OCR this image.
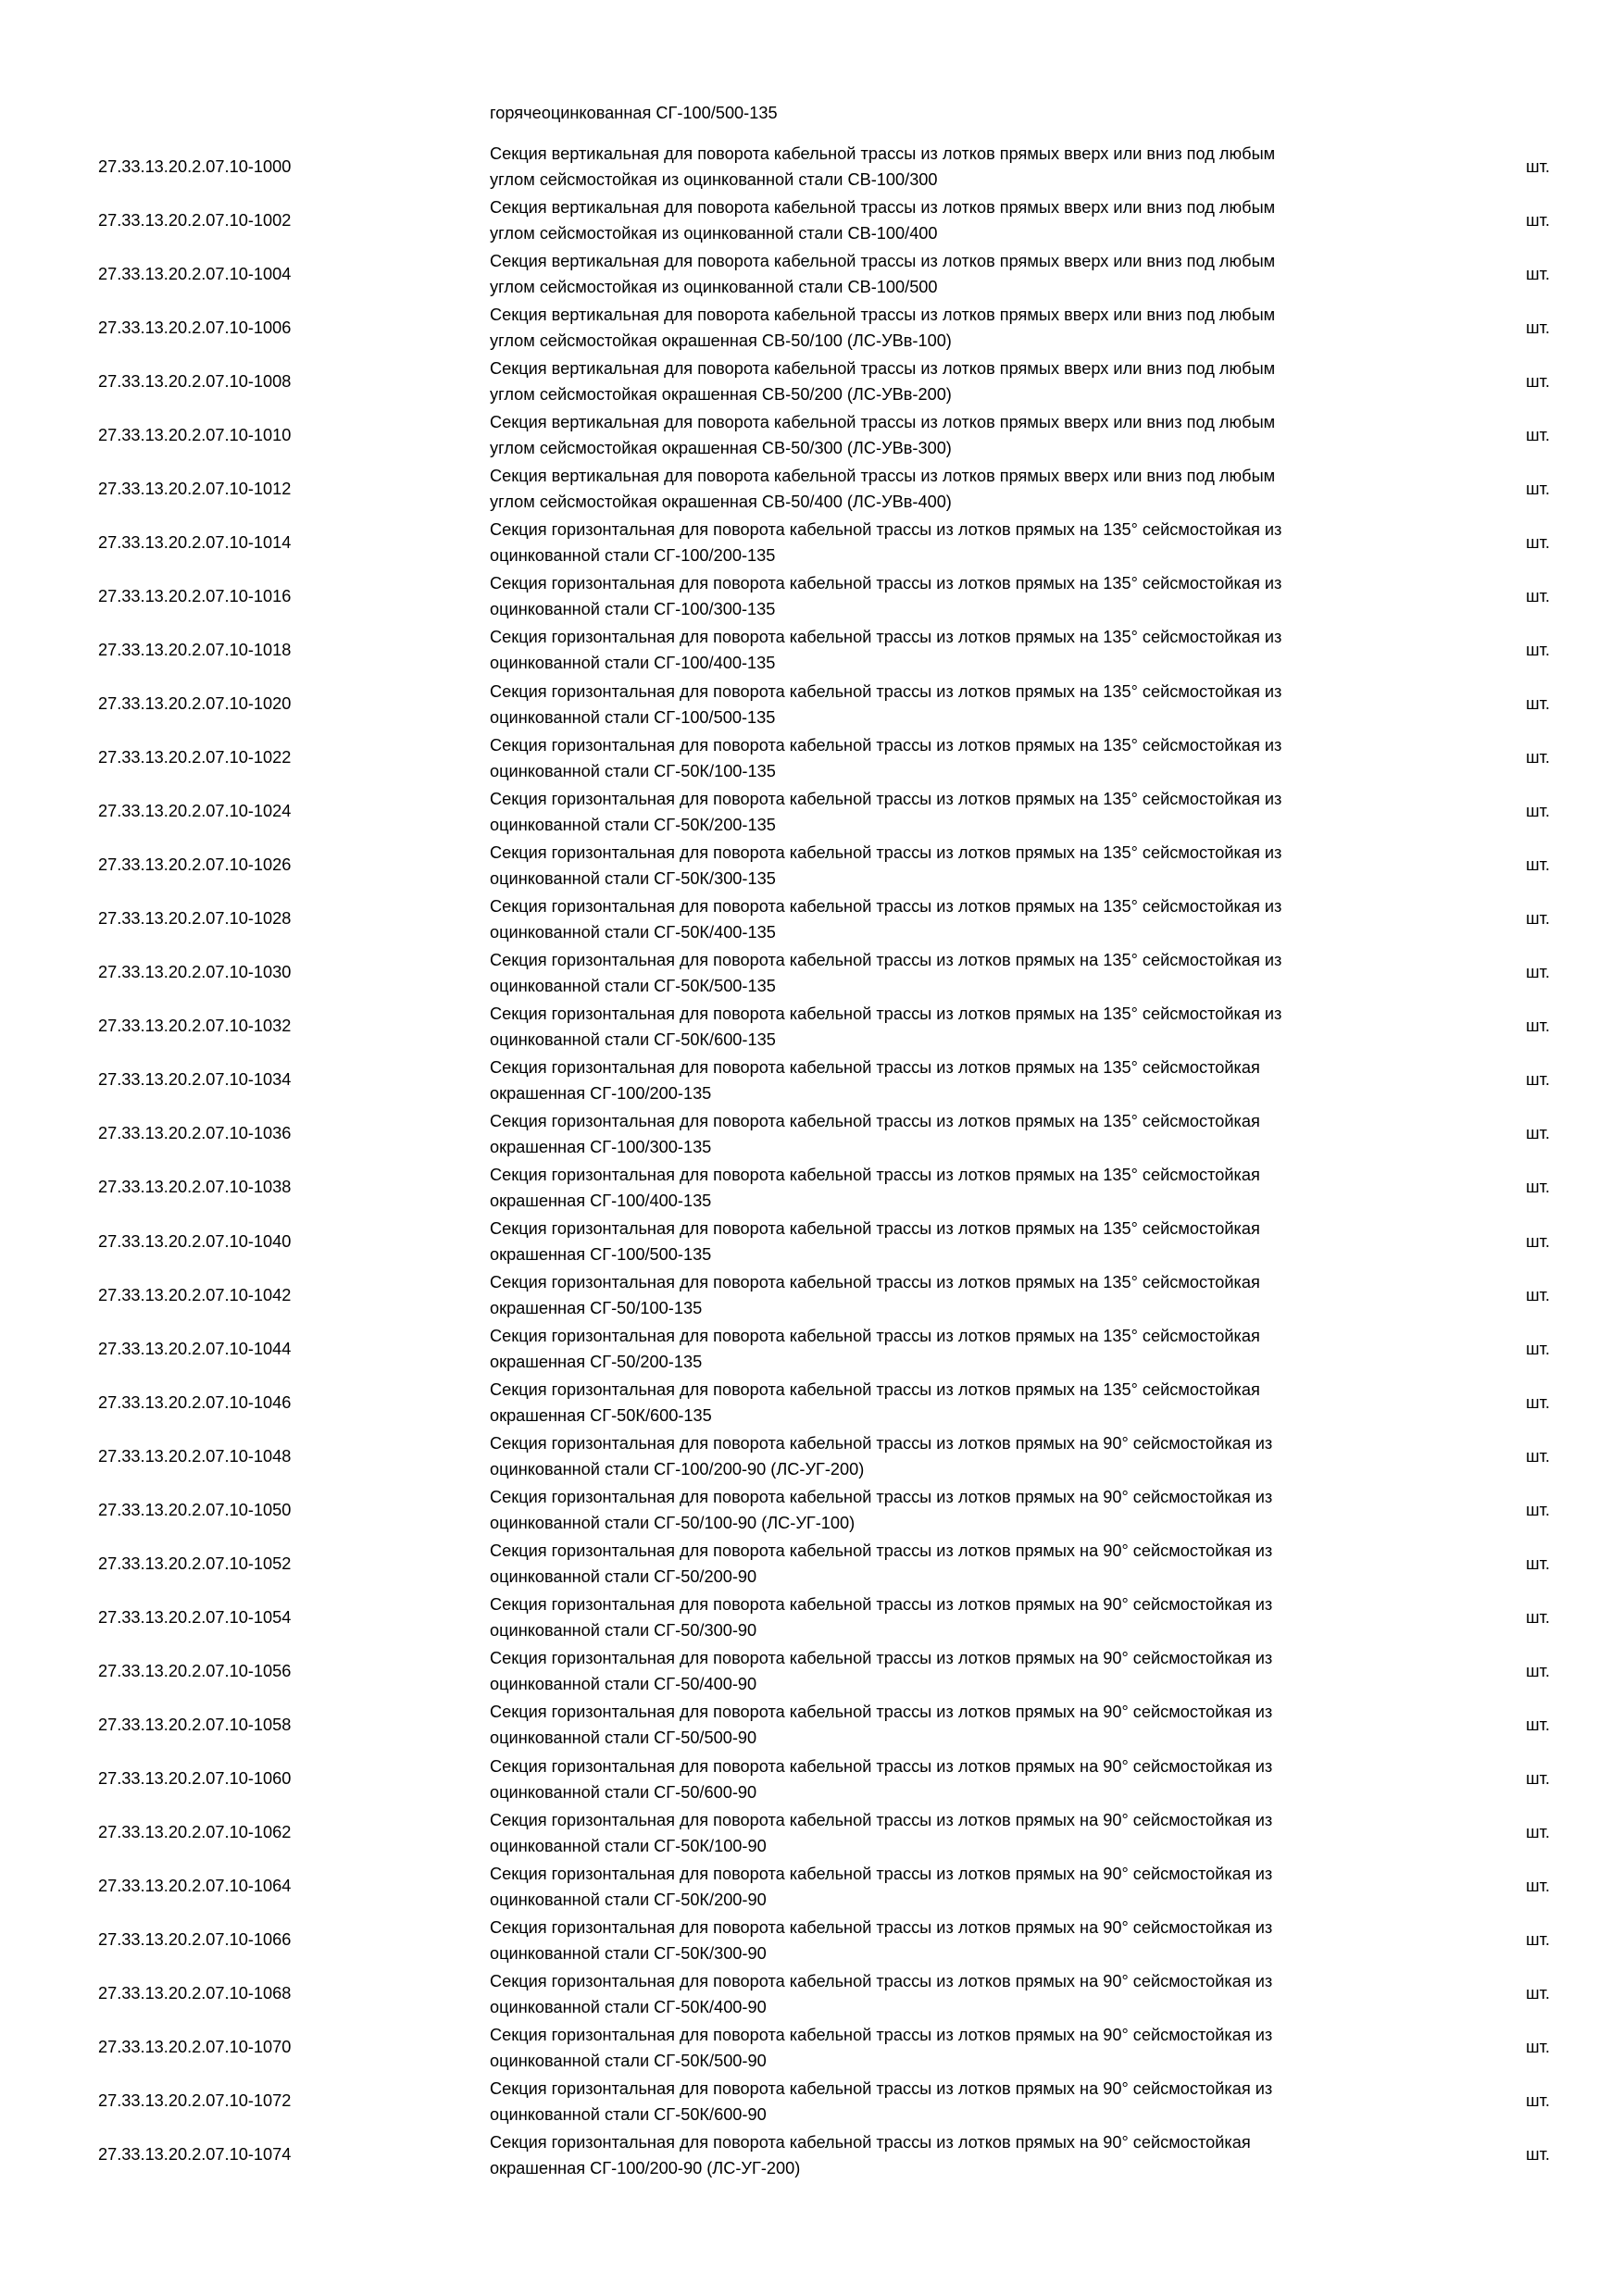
горячеоцинкованная СГ-100/500-135
27.33.13.20.2.07.10-1000
Секция вертикальная для поворота кабельной трассы из лотков прямых вверх или вниз под любым
углом сейсмостойкая из оцинкованной стали СВ-100/300
шт.
27.33.13.20.2.07.10-1002
Секция вертикальная для поворота кабельной трассы из лотков прямых вверх или вниз под любым
углом сейсмостойкая из оцинкованной стали СВ-100/400
шт.
27.33.13.20.2.07.10-1004
Секция вертикальная для поворота кабельной трассы из лотков прямых вверх или вниз под любым
углом сейсмостойкая из оцинкованной стали СВ-100/500
шт.
27.33.13.20.2.07.10-1006
Секция вертикальная для поворота кабельной трассы из лотков прямых вверх или вниз под любым
углом сейсмостойкая окрашенная СВ-50/100 (ЛС-УВв-100)
шт.
27.33.13.20.2.07.10-1008
Секция вертикальная для поворота кабельной трассы из лотков прямых вверх или вниз под любым
углом сейсмостойкая окрашенная СВ-50/200 (ЛС-УВв-200)
шт.
27.33.13.20.2.07.10-1010
Секция вертикальная для поворота кабельной трассы из лотков прямых вверх или вниз под любым
углом сейсмостойкая окрашенная СВ-50/300 (ЛС-УВв-300)
шт.
27.33.13.20.2.07.10-1012
Секция вертикальная для поворота кабельной трассы из лотков прямых вверх или вниз под любым
углом сейсмостойкая окрашенная СВ-50/400 (ЛС-УВв-400)
шт.
27.33.13.20.2.07.10-1014
Секция горизонтальная для поворота кабельной трассы из лотков прямых на 135° сейсмостойкая из
оцинкованной стали СГ-100/200-135
шт.
27.33.13.20.2.07.10-1016
Секция горизонтальная для поворота кабельной трассы из лотков прямых на 135° сейсмостойкая из
оцинкованной стали СГ-100/300-135
шт.
27.33.13.20.2.07.10-1018
Секция горизонтальная для поворота кабельной трассы из лотков прямых на 135° сейсмостойкая из
оцинкованной стали СГ-100/400-135
шт.
27.33.13.20.2.07.10-1020
Секция горизонтальная для поворота кабельной трассы из лотков прямых на 135° сейсмостойкая из
оцинкованной стали СГ-100/500-135
шт.
27.33.13.20.2.07.10-1022
Секция горизонтальная для поворота кабельной трассы из лотков прямых на 135° сейсмостойкая из
оцинкованной стали СГ-50К/100-135
шт.
27.33.13.20.2.07.10-1024
Секция горизонтальная для поворота кабельной трассы из лотков прямых на 135° сейсмостойкая из
оцинкованной стали СГ-50К/200-135
шт.
27.33.13.20.2.07.10-1026
Секция горизонтальная для поворота кабельной трассы из лотков прямых на 135° сейсмостойкая из
оцинкованной стали СГ-50К/300-135
шт.
27.33.13.20.2.07.10-1028
Секция горизонтальная для поворота кабельной трассы из лотков прямых на 135° сейсмостойкая из
оцинкованной стали СГ-50К/400-135
шт.
27.33.13.20.2.07.10-1030
Секция горизонтальная для поворота кабельной трассы из лотков прямых на 135° сейсмостойкая из
оцинкованной стали СГ-50К/500-135
шт.
27.33.13.20.2.07.10-1032
Секция горизонтальная для поворота кабельной трассы из лотков прямых на 135° сейсмостойкая из
оцинкованной стали СГ-50К/600-135
шт.
27.33.13.20.2.07.10-1034
Секция горизонтальная для поворота кабельной трассы из лотков прямых на 135° сейсмостойкая
окрашенная СГ-100/200-135
шт.
27.33.13.20.2.07.10-1036
Секция горизонтальная для поворота кабельной трассы из лотков прямых на 135° сейсмостойкая
окрашенная СГ-100/300-135
шт.
27.33.13.20.2.07.10-1038
Секция горизонтальная для поворота кабельной трассы из лотков прямых на 135° сейсмостойкая
окрашенная СГ-100/400-135
шт.
27.33.13.20.2.07.10-1040
Секция горизонтальная для поворота кабельной трассы из лотков прямых на 135° сейсмостойкая
окрашенная СГ-100/500-135
шт.
27.33.13.20.2.07.10-1042
Секция горизонтальная для поворота кабельной трассы из лотков прямых на 135° сейсмостойкая
окрашенная СГ-50/100-135
шт.
27.33.13.20.2.07.10-1044
Секция горизонтальная для поворота кабельной трассы из лотков прямых на 135° сейсмостойкая
окрашенная СГ-50/200-135
шт.
27.33.13.20.2.07.10-1046
Секция горизонтальная для поворота кабельной трассы из лотков прямых на 135° сейсмостойкая
окрашенная СГ-50К/600-135
шт.
27.33.13.20.2.07.10-1048
Секция горизонтальная для поворота кабельной трассы из лотков прямых на 90° сейсмостойкая из
оцинкованной стали СГ-100/200-90 (ЛС-УГ-200)
шт.
27.33.13.20.2.07.10-1050
Секция горизонтальная для поворота кабельной трассы из лотков прямых на 90° сейсмостойкая из
оцинкованной стали СГ-50/100-90 (ЛС-УГ-100)
шт.
27.33.13.20.2.07.10-1052
Секция горизонтальная для поворота кабельной трассы из лотков прямых на 90° сейсмостойкая из
оцинкованной стали СГ-50/200-90
шт.
27.33.13.20.2.07.10-1054
Секция горизонтальная для поворота кабельной трассы из лотков прямых на 90° сейсмостойкая из
оцинкованной стали СГ-50/300-90
шт.
27.33.13.20.2.07.10-1056
Секция горизонтальная для поворота кабельной трассы из лотков прямых на 90° сейсмостойкая из
оцинкованной стали СГ-50/400-90
шт.
27.33.13.20.2.07.10-1058
Секция горизонтальная для поворота кабельной трассы из лотков прямых на 90° сейсмостойкая из
оцинкованной стали СГ-50/500-90
шт.
27.33.13.20.2.07.10-1060
Секция горизонтальная для поворота кабельной трассы из лотков прямых на 90° сейсмостойкая из
оцинкованной стали СГ-50/600-90
шт.
27.33.13.20.2.07.10-1062
Секция горизонтальная для поворота кабельной трассы из лотков прямых на 90° сейсмостойкая из
оцинкованной стали СГ-50К/100-90
шт.
27.33.13.20.2.07.10-1064
Секция горизонтальная для поворота кабельной трассы из лотков прямых на 90° сейсмостойкая из
оцинкованной стали СГ-50К/200-90
шт.
27.33.13.20.2.07.10-1066
Секция горизонтальная для поворота кабельной трассы из лотков прямых на 90° сейсмостойкая из
оцинкованной стали СГ-50К/300-90
шт.
27.33.13.20.2.07.10-1068
Секция горизонтальная для поворота кабельной трассы из лотков прямых на 90° сейсмостойкая из
оцинкованной стали СГ-50К/400-90
шт.
27.33.13.20.2.07.10-1070
Секция горизонтальная для поворота кабельной трассы из лотков прямых на 90° сейсмостойкая из
оцинкованной стали СГ-50К/500-90
шт.
27.33.13.20.2.07.10-1072
Секция горизонтальная для поворота кабельной трассы из лотков прямых на 90° сейсмостойкая из
оцинкованной стали СГ-50К/600-90
шт.
27.33.13.20.2.07.10-1074
Секция горизонтальная для поворота кабельной трассы из лотков прямых на 90° сейсмостойкая
окрашенная СГ-100/200-90 (ЛС-УГ-200)
шт.
